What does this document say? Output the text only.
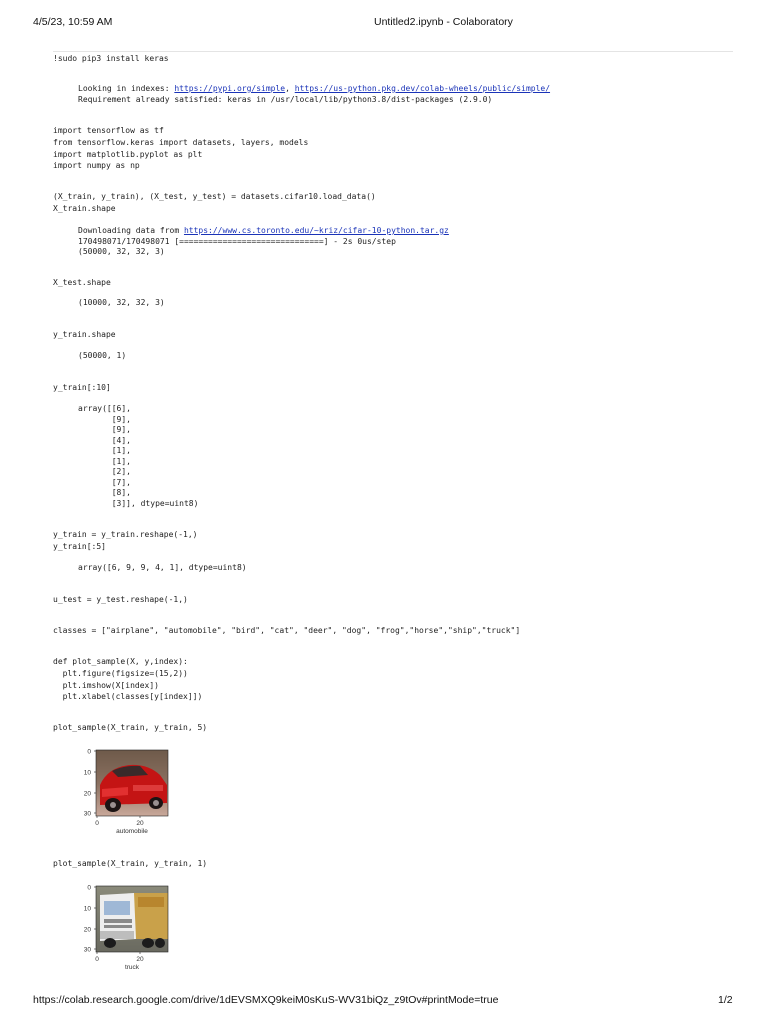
4/5/23, 10:59 AM	Untitled2.ipynb - Colaboratory
!sudo pip3 install keras
Looking in indexes: https://pypi.org/simple, https://us-python.pkg.dev/colab-wheels/public/simple/
Requirement already satisfied: keras in /usr/local/lib/python3.8/dist-packages (2.9.0)
import tensorflow as tf
from tensorflow.keras import datasets, layers, models
import matplotlib.pyplot as plt
import numpy as np
(X_train, y_train), (X_test, y_test) = datasets.cifar10.load_data()
X_train.shape
Downloading data from https://www.cs.toronto.edu/~kriz/cifar-10-python.tar.gz
170498071/170498071 [==============================] - 2s 0us/step
(50000, 32, 32, 3)
X_test.shape
(10000, 32, 32, 3)
y_train.shape
(50000, 1)
y_train[:10]
array([[6],
[9],
[9],
[4],
[1],
[1],
[2],
[7],
[8],
[3]], dtype=uint8)
y_train = y_train.reshape(-1,)
y_train[:5]
array([6, 9, 9, 4, 1], dtype=uint8)
u_test = y_test.reshape(-1,)
classes = ["airplane", "automobile", "bird", "cat", "deer", "dog", "frog","horse","ship","truck"]
def plot_sample(X, y,index):
plt.figure(figsize=(15,2))
plt.imshow(X[index])
plt.xlabel(classes[y[index]])
plot_sample(X_train, y_train, 5)
plot_sample(X_train, y_train, 1)
0
10
20
30
0	20
automobile
0
10
20
30
0	20
truck
https://colab.research.google.com/drive/1dEVSMXQ9keiM0sKuS-WV31biQz_z9tOv#printMode=true	1/2
